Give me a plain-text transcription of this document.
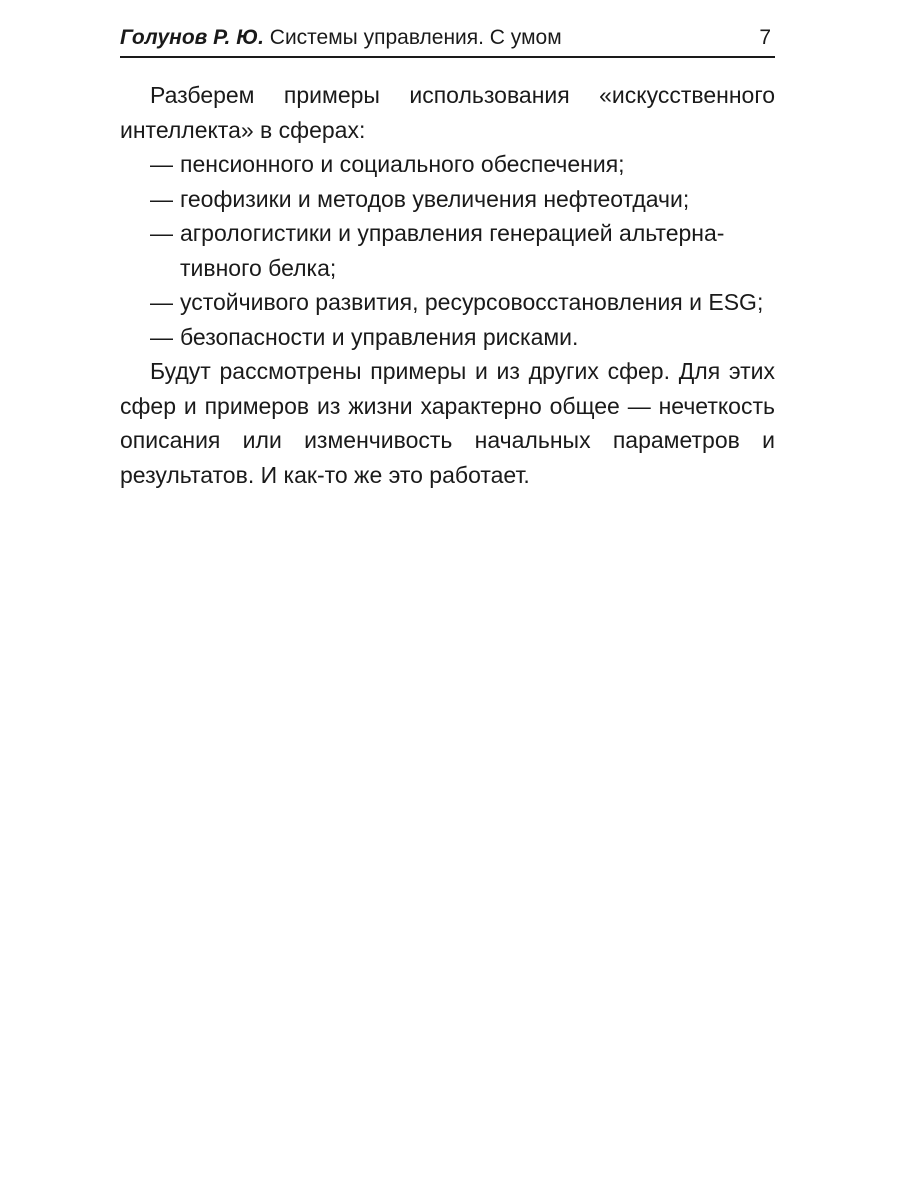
Голунов Р. Ю. Системы управления. С умом	7

Разберем примеры использования «искусственного интеллекта» в сферах:

— пенсионного и социального обеспечения;
— геофизики и методов увеличения нефтеотдачи;
— агрологистики и управления генерацией альтернативного белка;
— устойчивого развития, ресурсовосстановления и ESG;
— безопасности и управления рисками.

Будут рассмотрены примеры и из других сфер. Для этих сфер и примеров из жизни характерно общее — нечеткость описания или изменчивость начальных параметров и результатов. И как-то же это работает.
